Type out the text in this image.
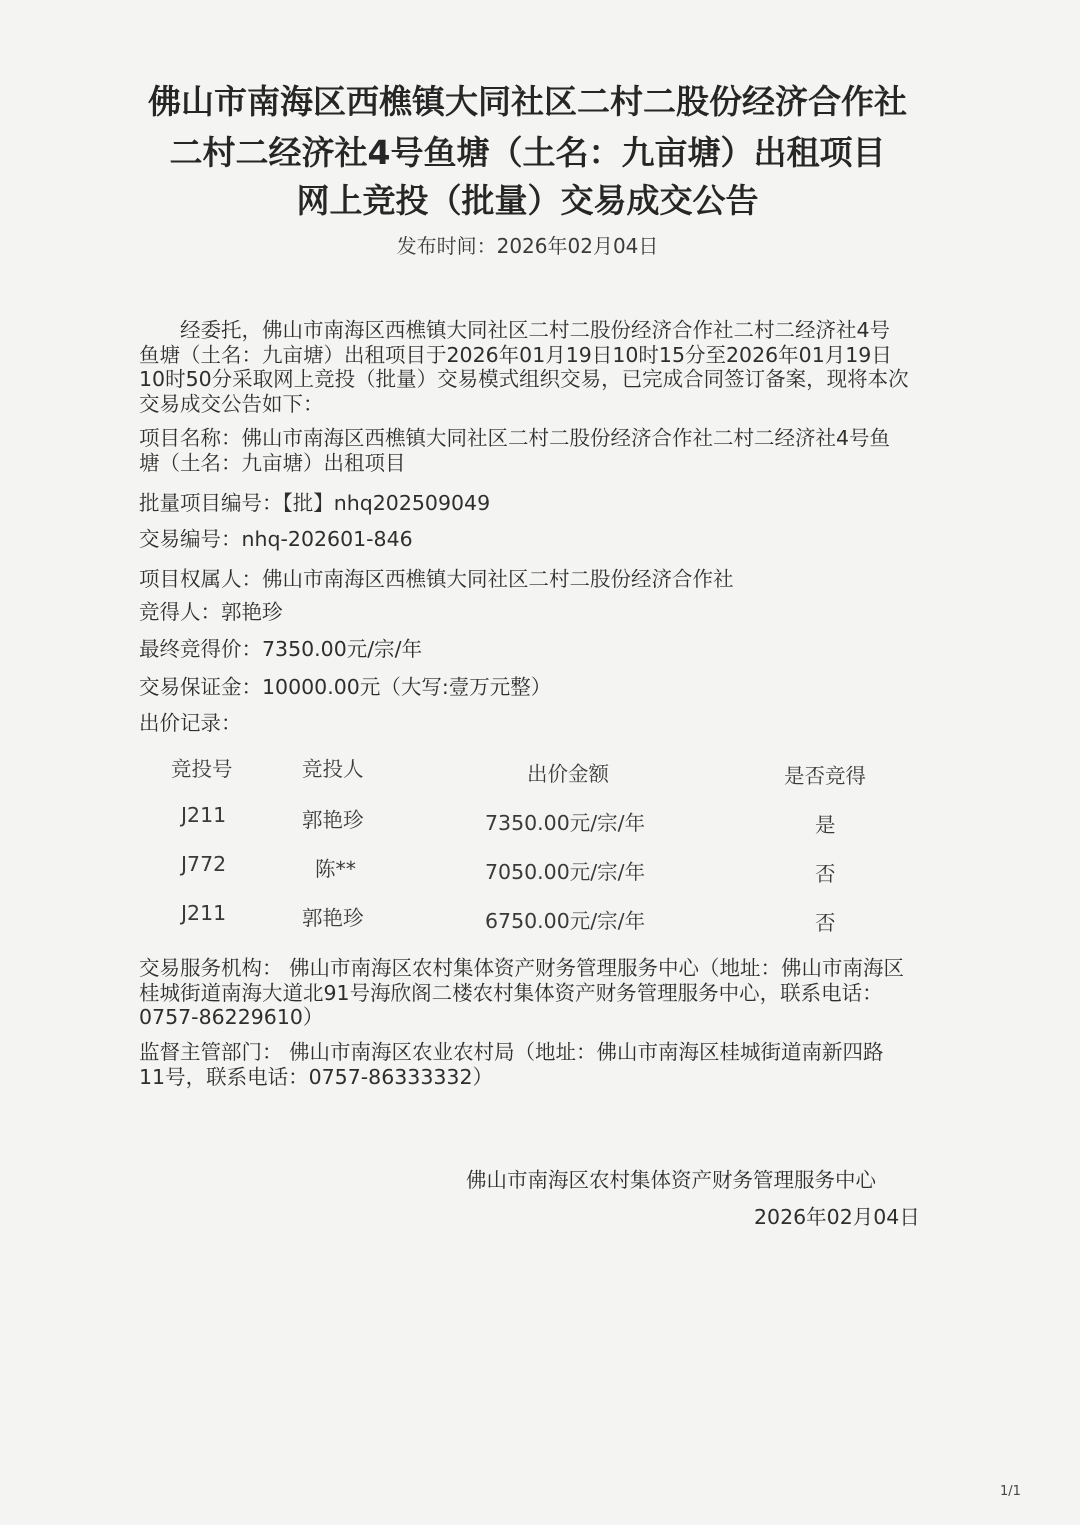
佛山市南海区西樵镇大同社区二村二股份经济合作社
二村二经济社4号鱼塘（土名：九亩塘）出租项目
网上竞投（批量）交易成交公告
发布时间：2026年02月04日
经委托，佛山市南海区西樵镇大同社区二村二股份经济合作社二村二经济社4号鱼塘（土名：九亩塘）出租项目于2026年01月19日10时15分至2026年01月19日10时50分采取网上竞投（批量）交易模式组织交易，已完成合同签订备案，现将本次交易成交公告如下：
项目名称：佛山市南海区西樵镇大同社区二村二股份经济合作社二村二经济社4号鱼塘（土名：九亩塘）出租项目
批量项目编号：【批】nhq202509049
交易编号：nhq-202601-846
项目权属人：佛山市南海区西樵镇大同社区二村二股份经济合作社
竞得人：郭艳珍
最终竞得价：7350.00元/宗/年
交易保证金：10000.00元（大写:壹万元整）
出价记录：
竞投号	竞投人	出价金额	是否竞得
J211	郭艳珍	7350.00元/宗/年	是
J772	陈**	7050.00元/宗/年	否
J211	郭艳珍	6750.00元/宗/年	否
交易服务机构： 佛山市南海区农村集体资产财务管理服务中心（地址：佛山市南海区桂城街道南海大道北91号海欣阁二楼农村集体资产财务管理服务中心，联系电话：0757-86229610）
监督主管部门： 佛山市南海区农业农村局（地址：佛山市南海区桂城街道南新四路11号，联系电话：0757-86333332）
佛山市南海区农村集体资产财务管理服务中心
2026年02月04日
1/1
